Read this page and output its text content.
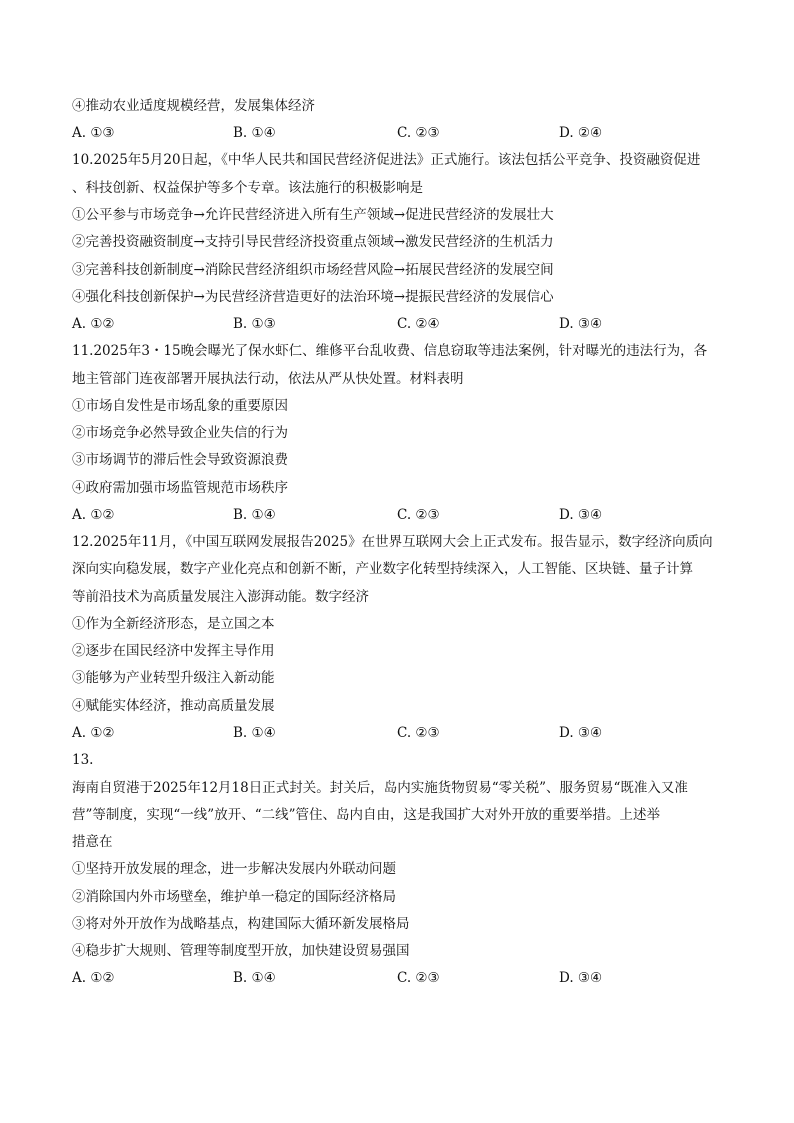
④推动农业适度规模经营，发展集体经济
A. ①③	B. ①④	C. ②③	D. ②④
10.2025年5月20日起，《中华人民共和国民营经济促进法》正式施行。该法包括公平竞争、投资融资促进
、科技创新、权益保护等多个专章。该法施行的积极影响是
①公平参与市场竞争→允许民营经济进入所有生产领域→促进民营经济的发展壮大
②完善投资融资制度→支持引导民营经济投资重点领域→激发民营经济的生机活力
③完善科技创新制度→消除民营经济组织市场经营风险→拓展民营经济的发展空间
④强化科技创新保护→为民营经济营造更好的法治环境→提振民营经济的发展信心
A. ①②	B. ①③	C. ②④	D. ③④
11.2025年3・15晚会曝光了保水虾仁、维修平台乱收费、信息窃取等违法案例，针对曝光的违法行为，各
地主管部门连夜部署开展执法行动，依法从严从快处置。材料表明
①市场自发性是市场乱象的重要原因
②市场竞争必然导致企业失信的行为
③市场调节的滞后性会导致资源浪费
④政府需加强市场监管规范市场秩序
A. ①②	B. ①④	C. ②③	D. ③④
12.2025年11月，《中国互联网发展报告2025》在世界互联网大会上正式发布。报告显示，数字经济向质向
深向实向稳发展，数字产业化亮点和创新不断，产业数字化转型持续深入，人工智能、区块链、量子计算
等前沿技术为高质量发展注入澎湃动能。数字经济
①作为全新经济形态，是立国之本
②逐步在国民经济中发挥主导作用
③能够为产业转型升级注入新动能
④赋能实体经济，推动高质量发展
A. ①②	B. ①④	C. ②③	D. ③④
13.
海南自贸港于2025年12月18日正式封关。封关后，岛内实施货物贸易“零关税”、服务贸易“既准入又准
营”等制度，实现“一线”放开、“二线”管住、岛内自由，这是我国扩大对外开放的重要举措。上述举
措意在
①坚持开放发展的理念，进一步解决发展内外联动问题
②消除国内外市场壁垒，维护单一稳定的国际经济格局
③将对外开放作为战略基点，构建国际大循环新发展格局
④稳步扩大规则、管理等制度型开放，加快建设贸易强国
A. ①②	B. ①④	C. ②③	D. ③④
